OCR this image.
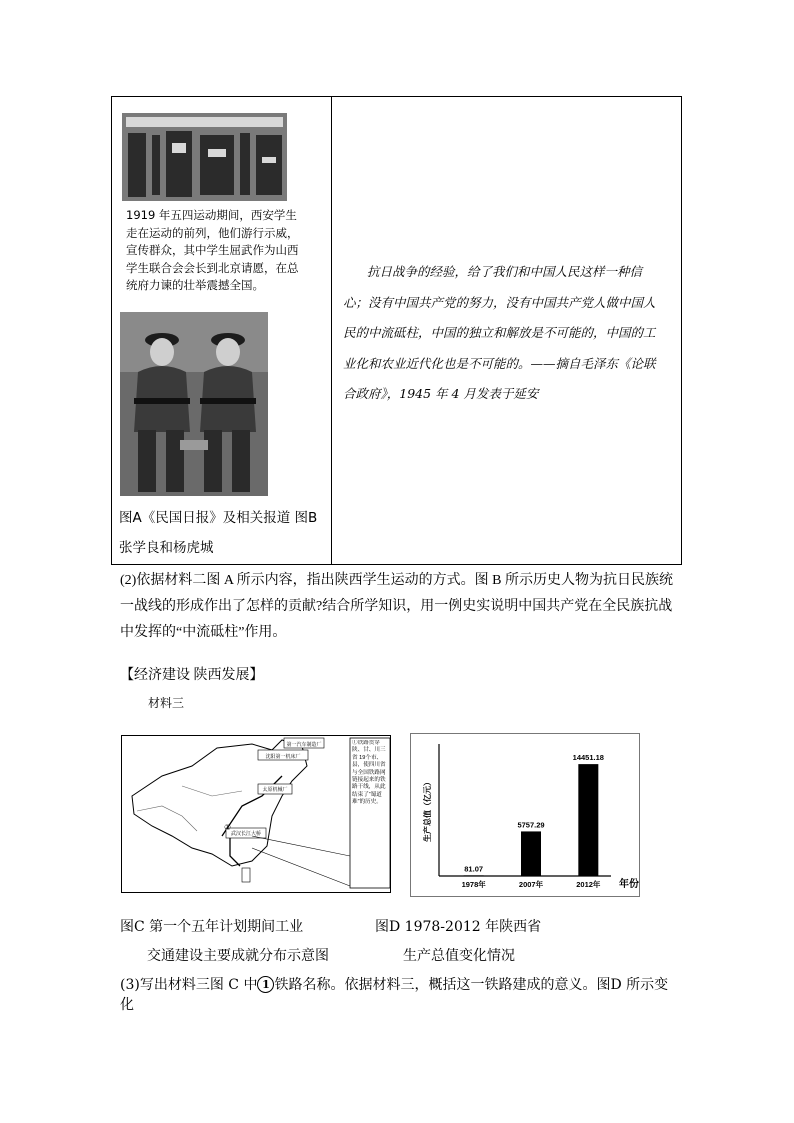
1919 年五四运动期间，西安学生走在运动的前列，他们游行示威，宣传群众，其中学生屈武作为山西学生联合会会长到北京请愿，在总统府力谏的壮举震撼全国。
图A《民国日报》及相关报道 图B张学良和杨虎城

抗日战争的经验，给了我们和中国人民这样一种信心；没有中国共产党的努力，没有中国共产党人做中国人民的中流砥柱，中国的独立和解放是不可能的，中国的工业化和农业近代化也是不可能的。——摘自毛泽东《论联合政府》，1945 年 4 月发表于延安

(2)依据材料二图 A 所示内容，指出陕西学生运动的方式。图 B 所示历史人物为抗日民族统一战线的形成作出了怎样的贡献?结合所学知识，用一例史实说明中国共产党在全民族抗战中发挥的“中流砥柱”作用。
【经济建设 陕西发展】
材料三
沈阳第一机床厂
第一汽车制造厂
太原机械厂
武汉长江大桥
①
①铁路贯穿陕、甘、川三省 19个市、县，使四川省与全国铁路网链接起来的铁路干线，从此结束了“蜀道难”的历史。	生产总值（亿元）
年份
81.07
1978年
5757.29
2007年
14451.18
2012年
图C 第一个五年计划期间工业
交通建设主要成就分布示意图
图D 1978-2012 年陕西省
生产总值变化情况
(3)写出材料三图 C 中 1 铁路名称。依据材料三，概括这一铁路建成的意义。图D 所示变化
